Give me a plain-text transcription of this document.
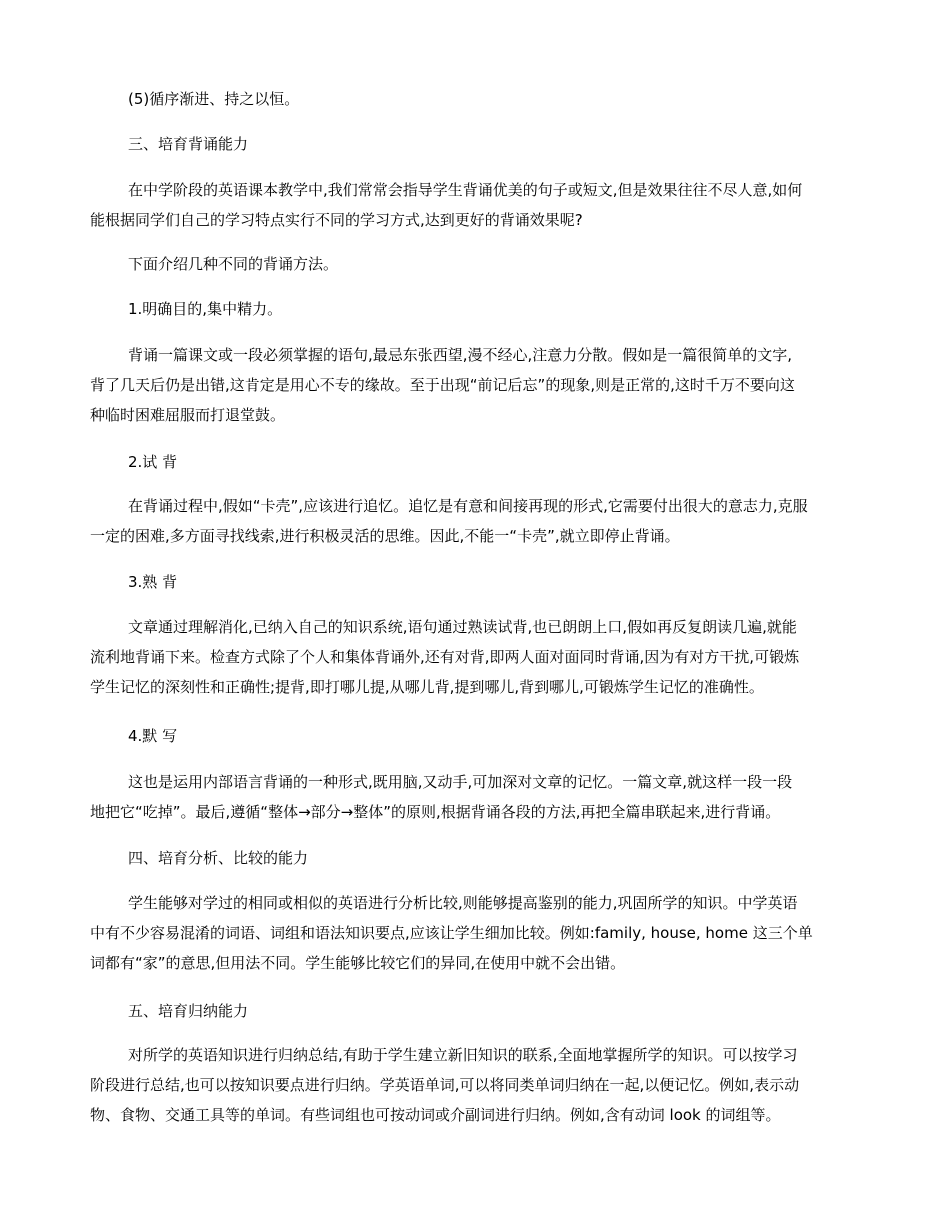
(5)循序渐进、持之以恒。

三、培育背诵能力

在中学阶段的英语课本教学中,我们常常会指导学生背诵优美的句子或短文,但是效果往往不尽人意,如何
能根据同学们自己的学习特点实行不同的学习方式,达到更好的背诵效果呢?

下面介绍几种不同的背诵方法。

1.明确目的,集中精力。

背诵一篇课文或一段必须掌握的语句,最忌东张西望,漫不经心,注意力分散。假如是一篇很简单的文字,
背了几天后仍是出错,这肯定是用心不专的缘故。至于出现“前记后忘”的现象,则是正常的,这时千万不要向这
种临时困难屈服而打退堂鼓。

2.试 背

在背诵过程中,假如“卡壳”,应该进行追忆。追忆是有意和间接再现的形式,它需要付出很大的意志力,克服
一定的困难,多方面寻找线索,进行积极灵活的思维。因此,不能一“卡壳”,就立即停止背诵。

3.熟 背

文章通过理解消化,已纳入自己的知识系统,语句通过熟读试背,也已朗朗上口,假如再反复朗读几遍,就能
流利地背诵下来。检查方式除了个人和集体背诵外,还有对背,即两人面对面同时背诵,因为有对方干扰,可锻炼
学生记忆的深刻性和正确性;提背,即打哪儿提,从哪儿背,提到哪儿,背到哪儿,可锻炼学生记忆的准确性。

4.默 写

这也是运用内部语言背诵的一种形式,既用脑,又动手,可加深对文章的记忆。一篇文章,就这样一段一段
地把它“吃掉”。最后,遵循“整体→部分→整体”的原则,根据背诵各段的方法,再把全篇串联起来,进行背诵。

四、培育分析、比较的能力

学生能够对学过的相同或相似的英语进行分析比较,则能够提高鉴别的能力,巩固所学的知识。中学英语
中有不少容易混淆的词语、词组和语法知识要点,应该让学生细加比较。例如:family, house, home 这三个单
词都有“家”的意思,但用法不同。学生能够比较它们的异同,在使用中就不会出错。

五、培育归纳能力

对所学的英语知识进行归纳总结,有助于学生建立新旧知识的联系,全面地掌握所学的知识。可以按学习
阶段进行总结,也可以按知识要点进行归纳。学英语单词,可以将同类单词归纳在一起,以便记忆。例如,表示动
物、食物、交通工具等的单词。有些词组也可按动词或介副词进行归纳。例如,含有动词 look 的词组等。
